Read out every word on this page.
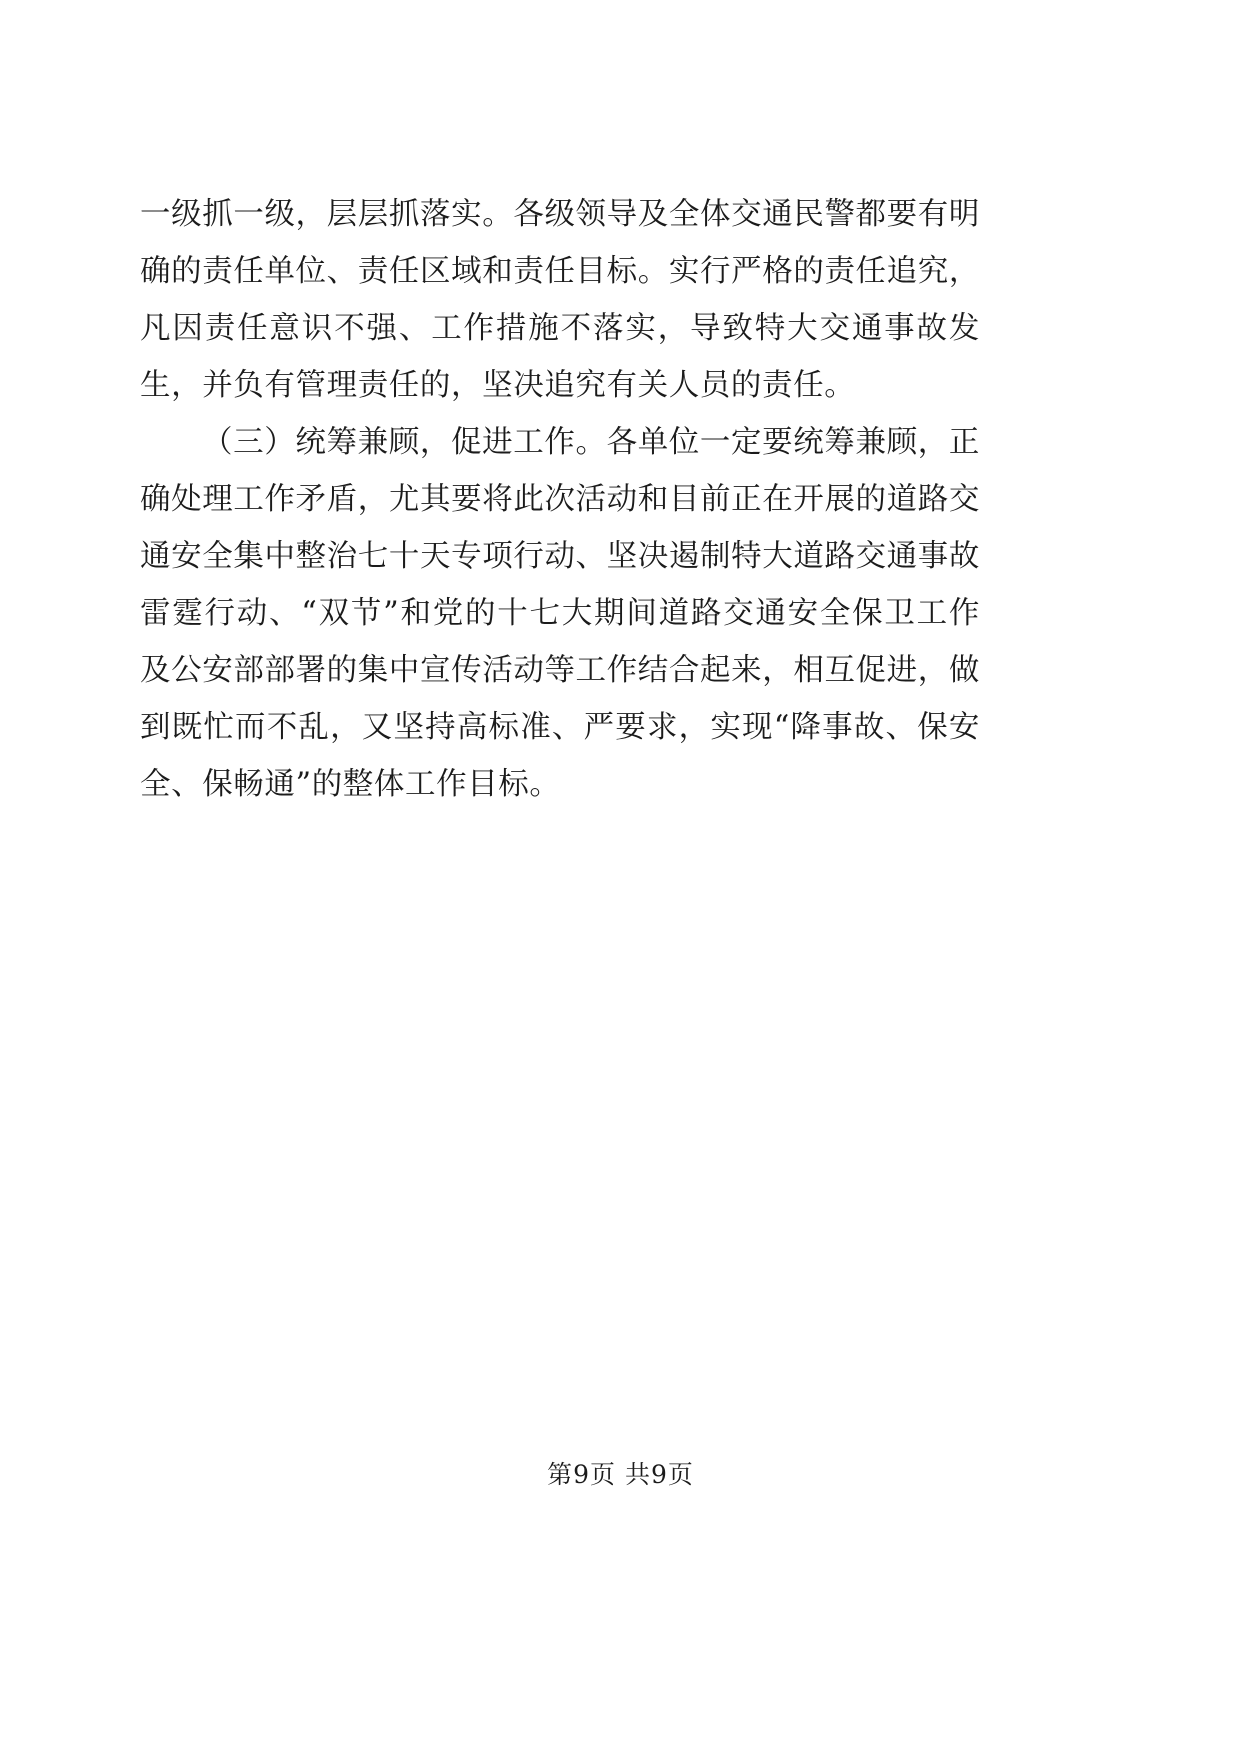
一级抓一级，层层抓落实。各级领导及全体交通民警都要有明确的责任单位、责任区域和责任目标。实行严格的责任追究，凡因责任意识不强、工作措施不落实，导致特大交通事故发生，并负有管理责任的，坚决追究有关人员的责任。

（三）统筹兼顾，促进工作。各单位一定要统筹兼顾，正确处理工作矛盾，尤其要将此次活动和目前正在开展的道路交通安全集中整治七十天专项行动、坚决遏制特大道路交通事故雷霆行动、“双节”和党的十七大期间道路交通安全保卫工作及公安部部署的集中宣传活动等工作结合起来，相互促进，做到既忙而不乱，又坚持高标准、严要求，实现“降事故、保安全、保畅通”的整体工作目标。

第9页 共9页
